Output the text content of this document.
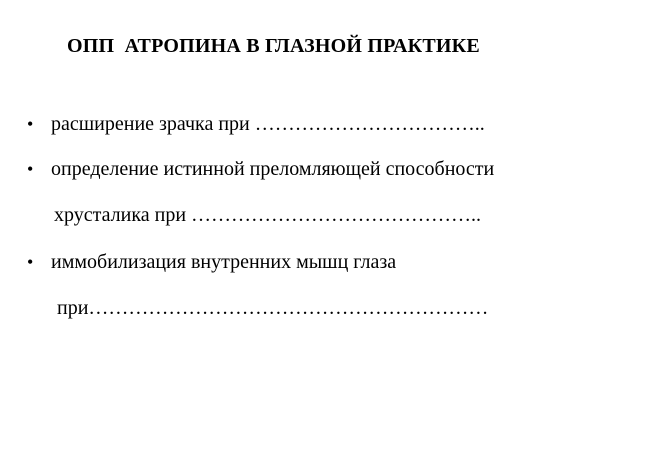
ОПП  АТРОПИНА В ГЛАЗНОЙ ПРАКТИКЕ
• расширение зрачка при ……………………………..
• определение истинной преломляющей способности
хрусталика при ……………………………………..
• иммобилизация внутренних мышц глаза
при……………………………………………………
